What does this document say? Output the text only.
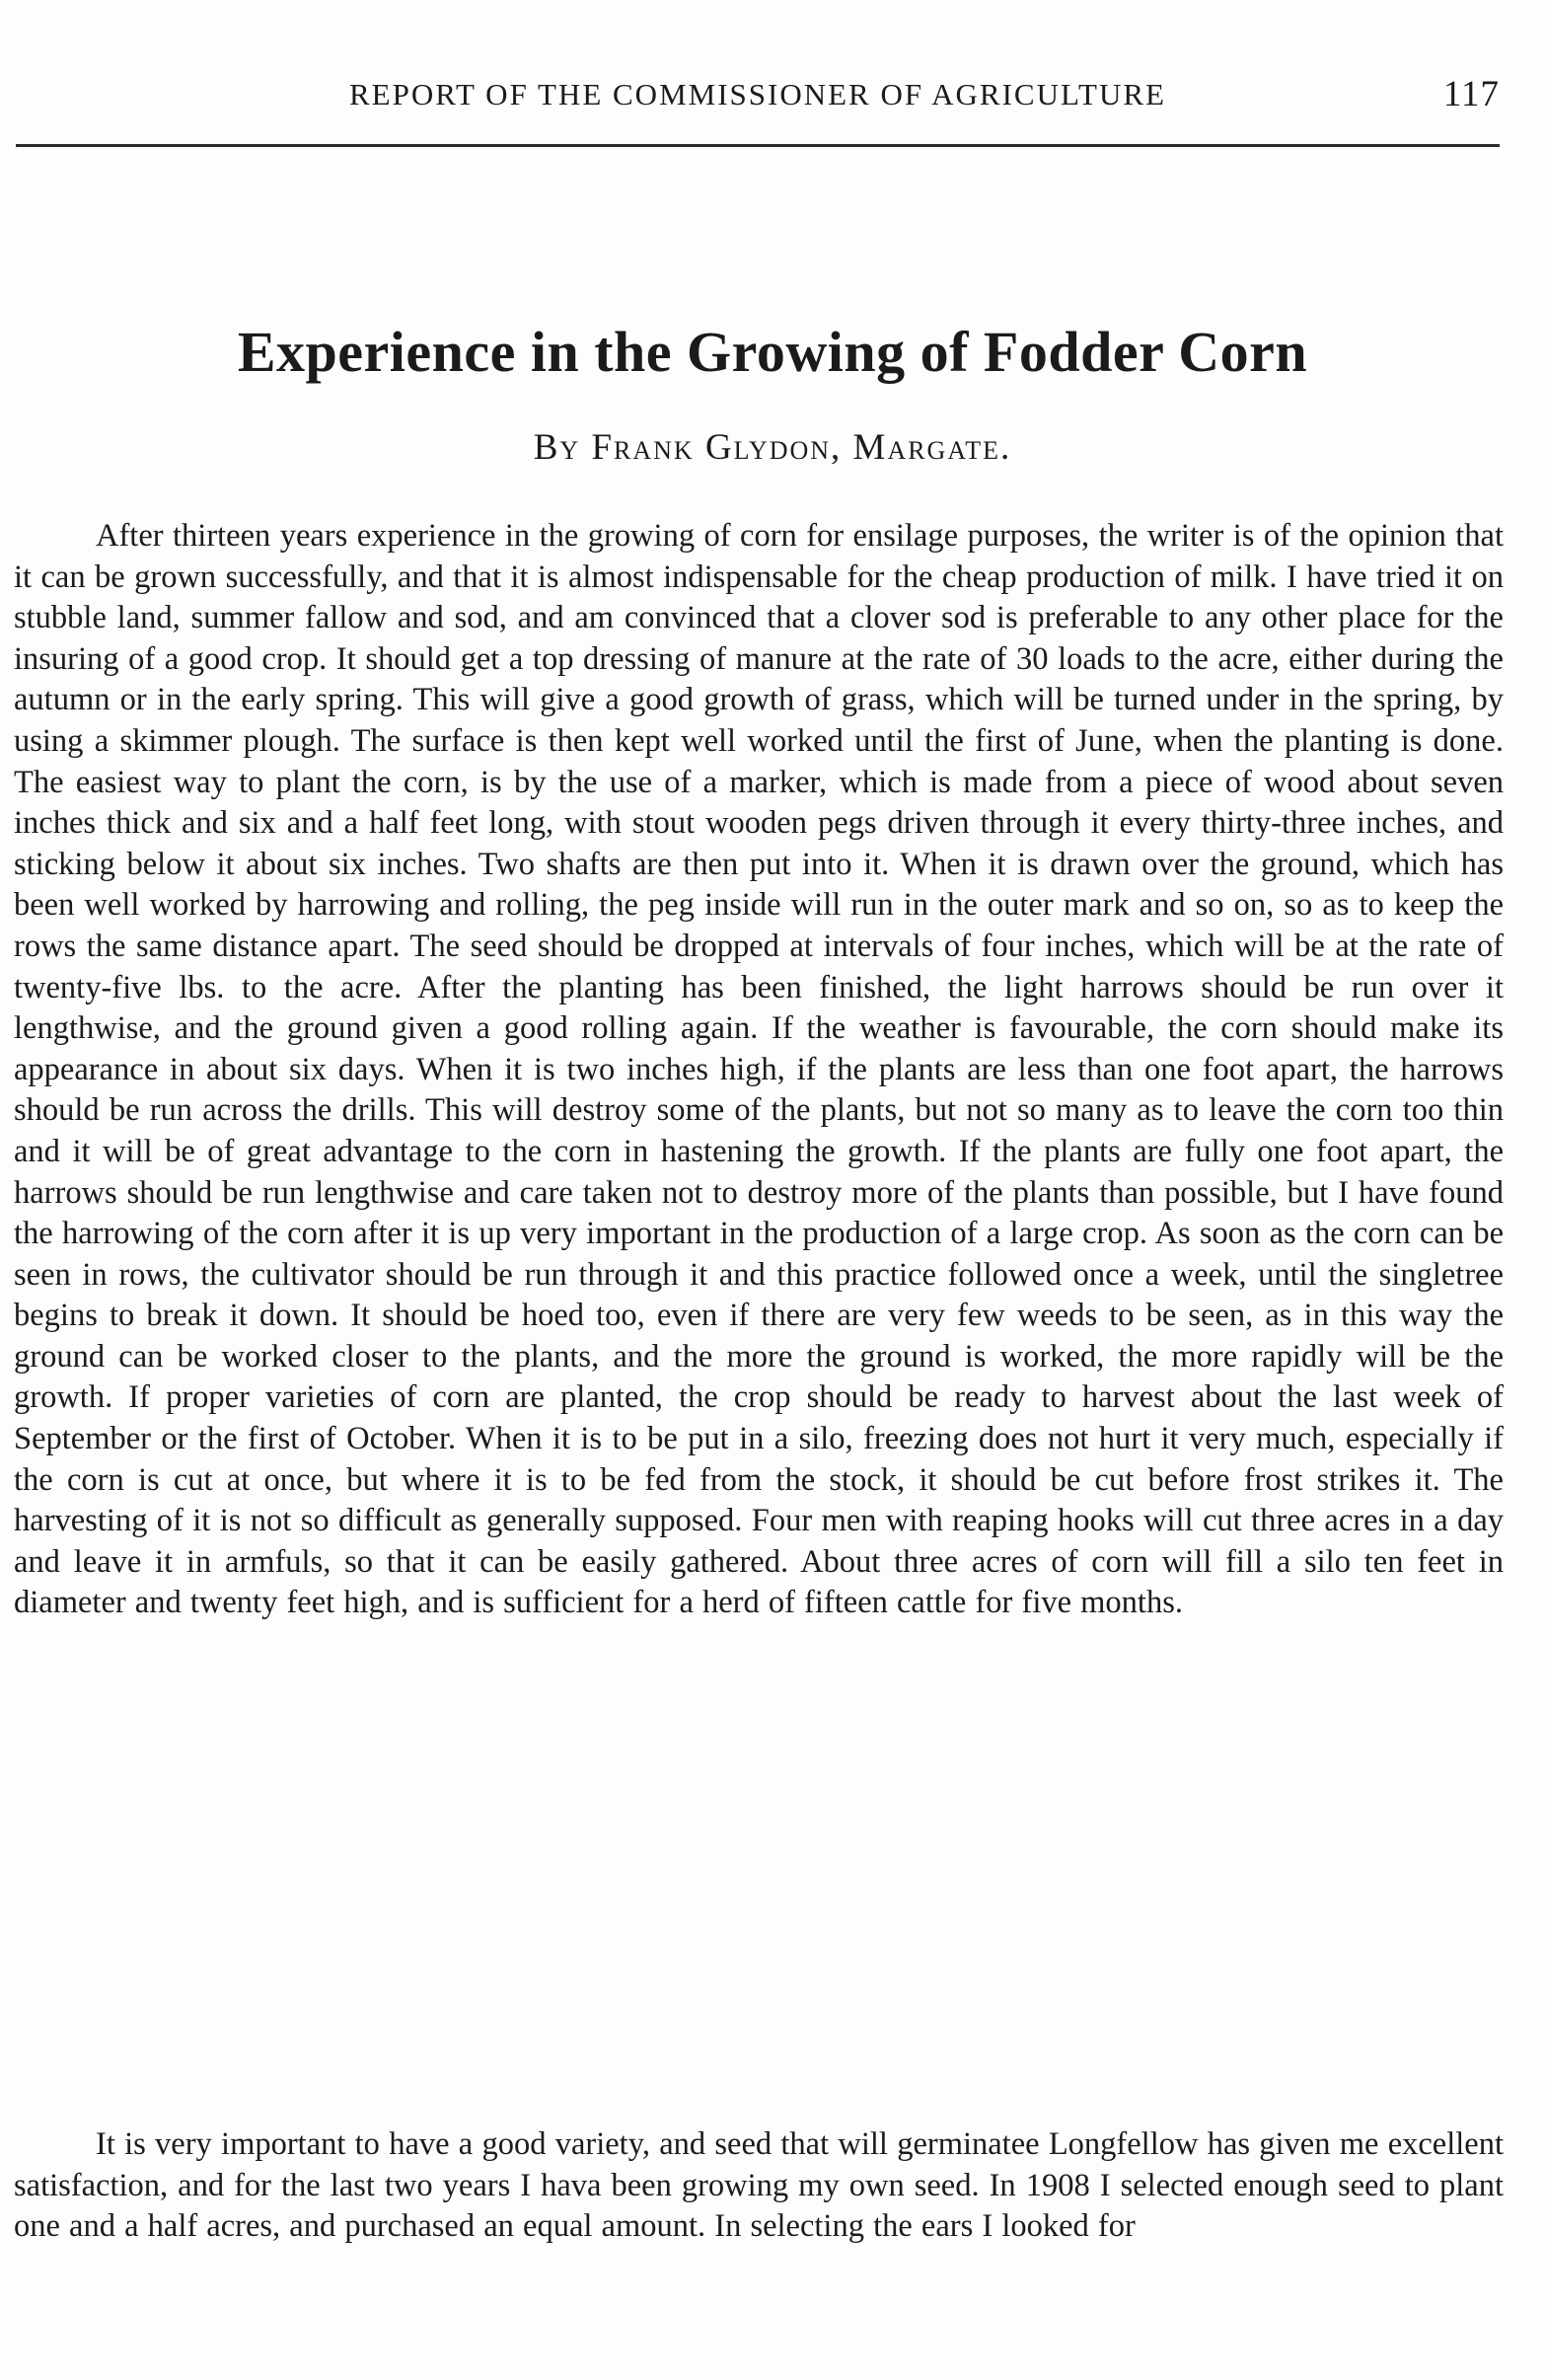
REPORT OF THE COMMISSIONER OF AGRICULTURE	117
Experience in the Growing of Fodder Corn
By Frank Glydon, Margate.

After thirteen years experience in the growing of corn for ensilage purposes, the writer is of the opinion that it can be grown successfully, and that it is almost indispensable for the cheap production of milk. I have tried it on stubble land, summer fallow and sod, and am convinced that a clover sod is preferable to any other place for the insuring of a good crop. It should get a top dressing of manure at the rate of 30 loads to the acre, either during the autumn or in the early spring. This will give a good growth of grass, which will be turned under in the spring, by using a skimmer plough. The surface is then kept well worked until the first of June, when the planting is done. The easiest way to plant the corn, is by the use of a marker, which is made from a piece of wood about seven inches thick and six and a half feet long, with stout wooden pegs driven through it every thirty-three inches, and sticking below it about six inches. Two shafts are then put into it. When it is drawn over the ground, which has been well worked by harrowing and rolling, the peg inside will run in the outer mark and so on, so as to keep the rows the same distance apart. The seed should be dropped at intervals of four inches, which will be at the rate of twenty-five lbs. to the acre. After the planting has been finished, the light harrows should be run over it lengthwise, and the ground given a good rolling again. If the weather is favourable, the corn should make its appearance in about six days. When it is two inches high, if the plants are less than one foot apart, the harrows should be run across the drills. This will destroy some of the plants, but not so many as to leave the corn too thin and it will be of great advantage to the corn in hastening the growth. If the plants are fully one foot apart, the harrows should be run lengthwise and care taken not to destroy more of the plants than possible, but I have found the harrowing of the corn after it is up very important in the production of a large crop. As soon as the corn can be seen in rows, the cultivator should be run through it and this practice followed once a week, until the singletree begins to break it down. It should be hoed too, even if there are very few weeds to be seen, as in this way the ground can be worked closer to the plants, and the more the ground is worked, the more rapidly will be the growth. If proper varieties of corn are planted, the crop should be ready to harvest about the last week of September or the first of October. When it is to be put in a silo, freezing does not hurt it very much, especially if the corn is cut at once, but where it is to be fed from the stock, it should be cut before frost strikes it. The harvesting of it is not so difficult as generally supposed. Four men with reaping hooks will cut three acres in a day and leave it in armfuls, so that it can be easily gathered. About three acres of corn will fill a silo ten feet in diameter and twenty feet high, and is sufficient for a herd of fifteen cattle for five months.

It is very important to have a good variety, and seed that will germinatee Longfellow has given me excellent satisfaction, and for the last two years I hava been growing my own seed. In 1908 I selected enough seed to plant one and a half acres, and purchased an equal amount. In selecting the ears I looked for
